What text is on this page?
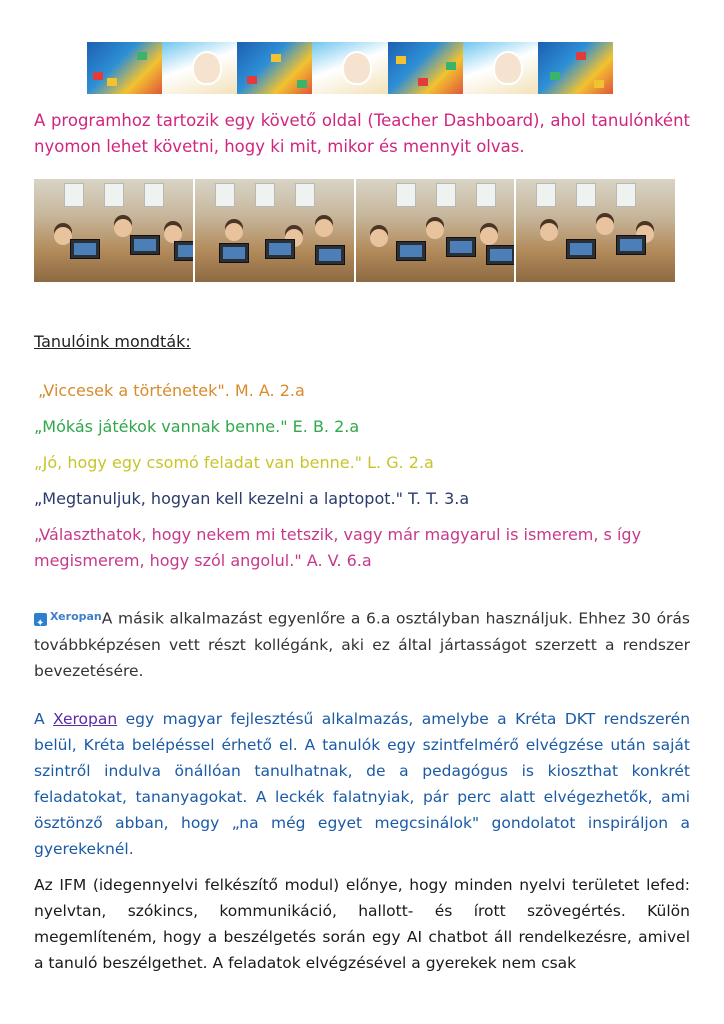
A programhoz tartozik egy követő oldal (Teacher Dashboard), ahol tanulónként nyomon lehet követni, hogy ki mit, mikor és mennyit olvas.

Tanulóink mondták:

„Viccesek a történetek". M. A. 2.a

„Mókás játékok vannak benne." E. B. 2.a

„Jó, hogy egy csomó feladat van benne." L. G. 2.a

„Megtanuljuk, hogyan kell kezelni a laptopot." T. T. 3.a

„Választhatok, hogy nekem mi tetszik, vagy már magyarul is ismerem, s így megismerem, hogy szól angolul." A. V. 6.a

✦
Xeropan A másik alkalmazást egyenlőre a 6.a osztályban használjuk. Ehhez 30 órás továbbképzésen vett részt kollégánk, aki ez által jártasságot szerzett a rendszer bevezetésére.

A Xeropan egy magyar fejlesztésű alkalmazás, amelybe a Kréta DKT rendszerén belül, Kréta belépéssel érhető el. A tanulók egy szintfelmérő elvégzése után saját szintről indulva önállóan tanulhatnak, de a pedagógus is kioszthat konkrét feladatokat, tananyagokat. A leckék falatnyiak, pár perc alatt elvégezhetők, ami ösztönző abban, hogy „na még egyet megcsinálok" gondolatot inspiráljon a gyerekeknél.

Az IFM (idegennyelvi felkészítő modul) előnye, hogy minden nyelvi területet lefed: nyelvtan, szókincs, kommunikáció, hallott- és írott szövegértés. Külön megemlíteném, hogy a beszélgetés során egy AI chatbot áll rendelkezésre, amivel a tanuló beszélgethet. A feladatok elvégzésével a gyerekek nem csak
